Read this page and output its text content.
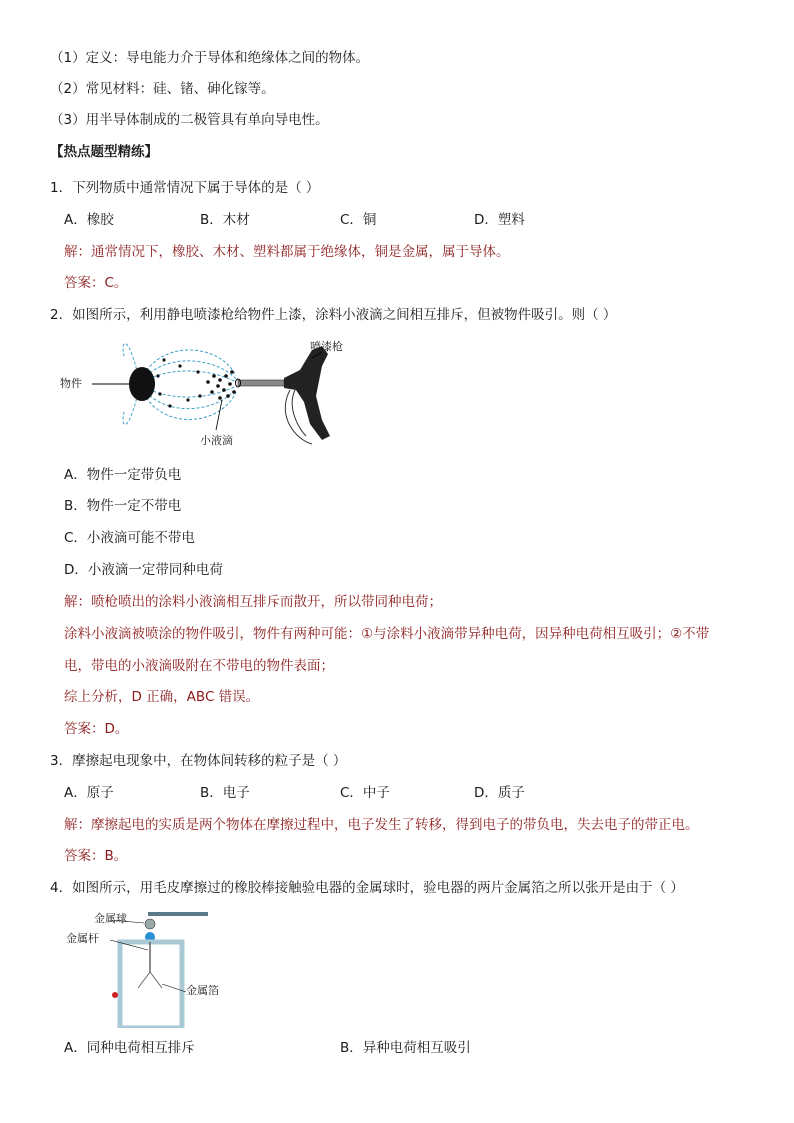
（1）定义：导电能力介于导体和绝缘体之间的物体。
（2）常见材料：硅、锗、砷化镓等。
（3）用半导体制成的二极管具有单向导电性。
【热点题型精练】
1．下列物质中通常情况下属于导体的是（ ）
A．橡胶	B．木材	C．铜	D．塑料
解：通常情况下，橡胶、木材、塑料都属于绝缘体，铜是金属，属于导体。
答案：C。
2．如图所示，利用静电喷漆枪给物件上漆，涂料小液滴之间相互排斥，但被物件吸引。则（ ）
物件
喷漆枪
小液滴
A．物件一定带负电
B．物件一定不带电
C．小液滴可能不带电
D．小液滴一定带同种电荷
解：喷枪喷出的涂料小液滴相互排斥而散开，所以带同种电荷；
涂料小液滴被喷涂的物件吸引，物件有两种可能：①与涂料小液滴带异种电荷，因异种电荷相互吸引；②不带
电，带电的小液滴吸附在不带电的物件表面；
综上分析，D 正确，ABC 错误。
答案：D。
3．摩擦起电现象中，在物体间转移的粒子是（ ）
A．原子	B．电子	C．中子	D．质子
解：摩擦起电的实质是两个物体在摩擦过程中，电子发生了转移，得到电子的带负电，失去电子的带正电。
答案：B。
4．如图所示，用毛皮摩擦过的橡胶棒接触验电器的金属球时，验电器的两片金属箔之所以张开是由于（ ）
金属球
金属杆
金属箔
A．同种电荷相互排斥	B．异种电荷相互吸引
